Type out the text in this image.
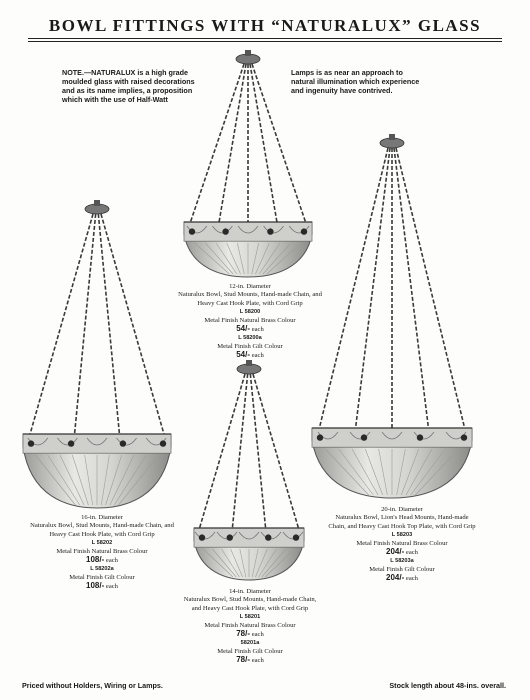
BOWL FITTINGS WITH “NATURALUX” GLASS
NOTE.—NATURALUX is a high grade
moulded glass with raised decorations
and as its name implies, a proposition
which with the use of Half-Watt
Lamps is as near an approach to
natural illumination which experience
and ingenuity have contrived.
12-in. Diameter
Naturalux Bowl, Stud Mounts, Hand-made Chain, and Heavy Cast Hook Plate, with Cord Grip
L 58200
Metal Finish Natural Brass Colour
54/- each
L 58200a
Metal Finish Gilt Colour
54/- each
16-in. Diameter
Naturalux Bowl, Stud Mounts, Hand-made Chain, and Heavy Cast Hook Plate, with Cord Grip
L 58202
Metal Finish Natural Brass Colour
108/- each
L 58202a
Metal Finish Gilt Colour
108/- each
14-in. Diameter
Naturalux Bowl, Stud Mounts, Hand-made Chain, and Heavy Cast Hook Plate, with Cord Grip
L 58201
Metal Finish Natural Brass Colour
78/- each
58201a
Metal Finish Gilt Colour
78/- each
20-in. Diameter
Naturalux Bowl, Lion's Head Mounts, Hand-made Chain, and Heavy Cast Hook Top Plate, with Cord Grip
L 58203
Metal Finish Natural Brass Colour
204/- each
L 58203a
Metal Finish Gilt Colour
204/- each
Priced without Holders, Wiring or Lamps.	Stock length about 48-ins. overall.
